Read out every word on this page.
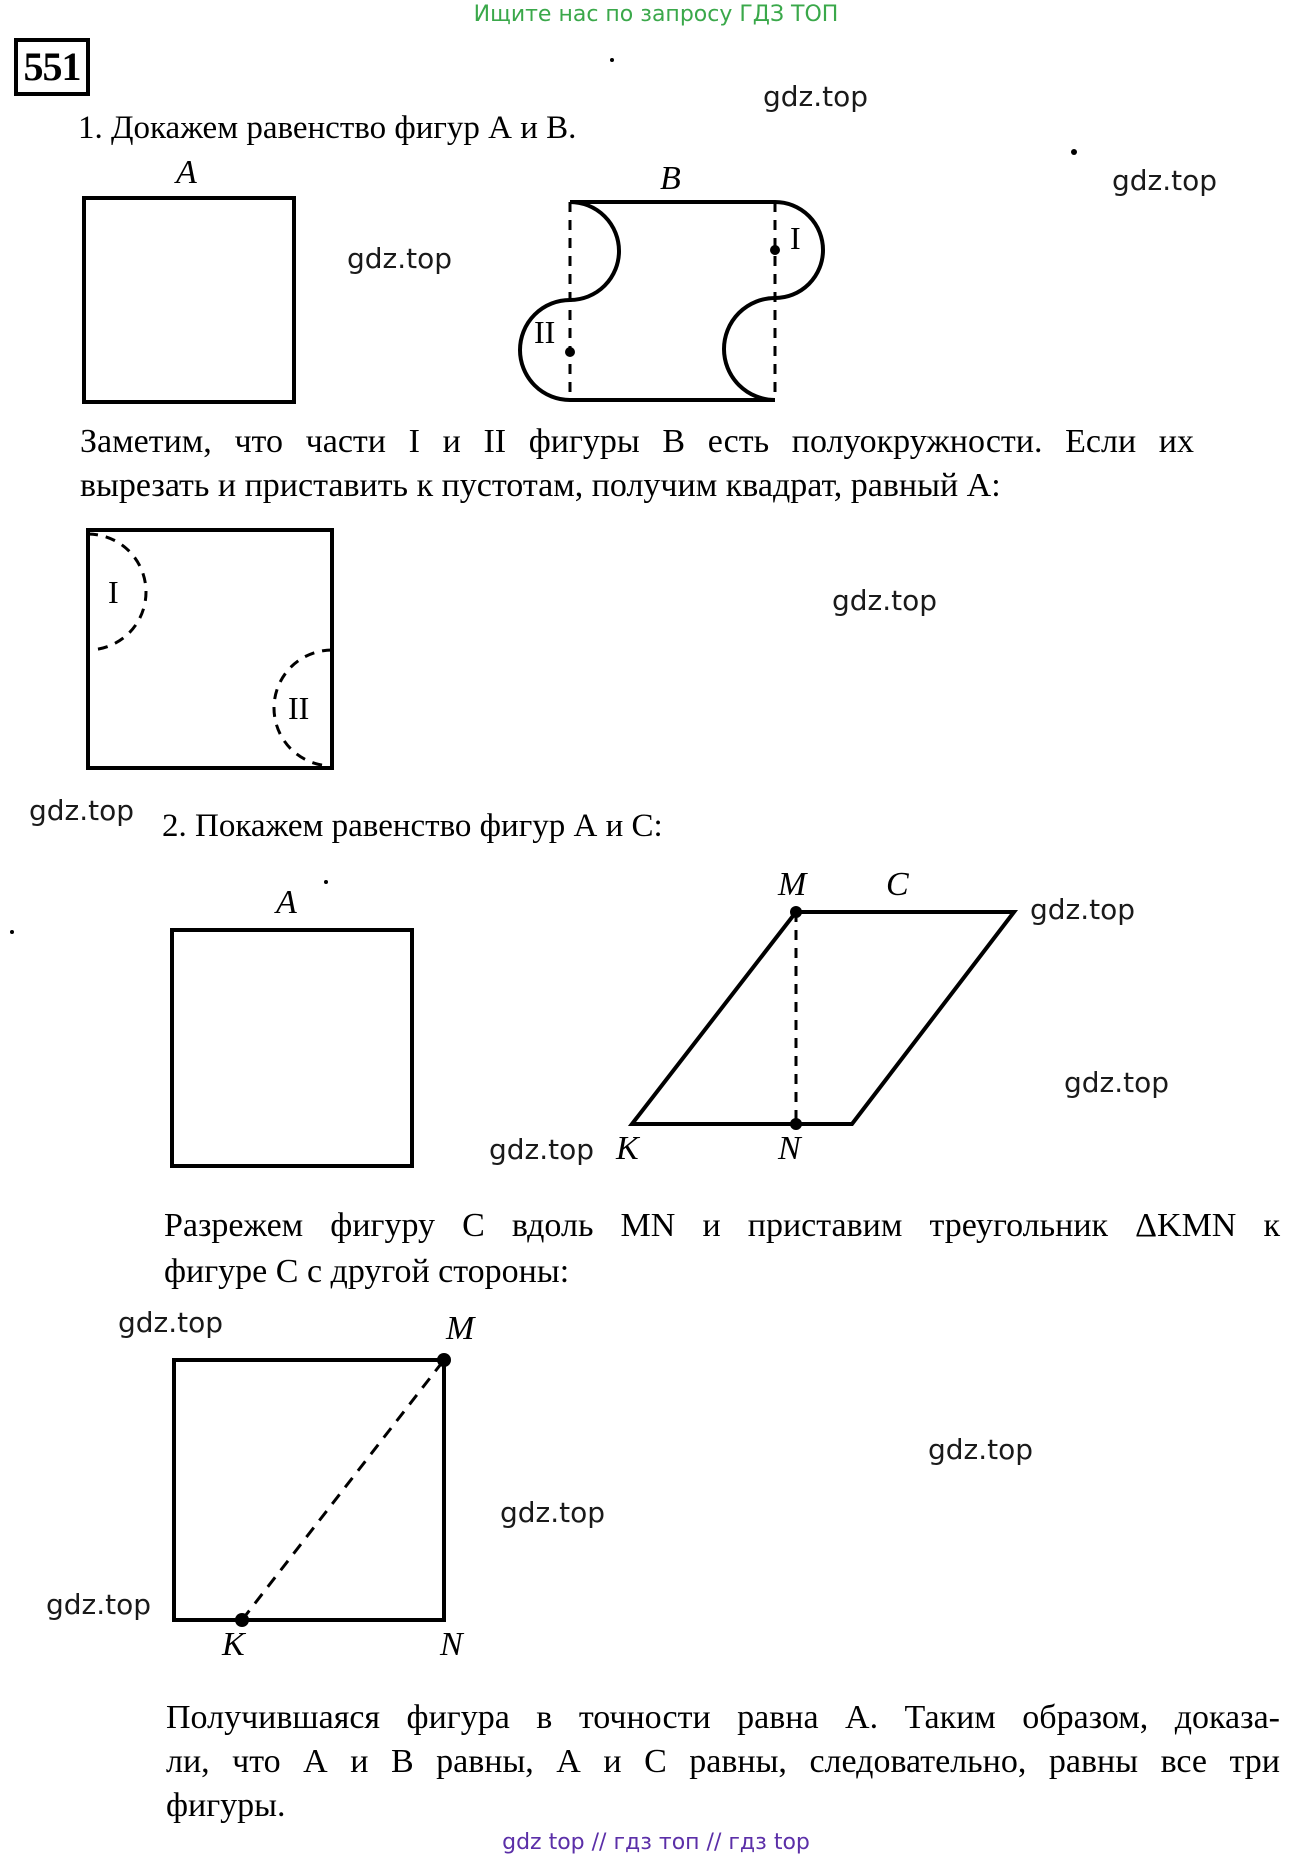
Ищите нас по запросу ГДЗ ТОП
551
gdz.top
gdz.top
gdz.top
gdz.top
gdz.top
gdz.top
gdz.top
gdz.top
gdz.top
gdz.top
gdz.top
gdz.top
1. Докажем равенство фигур А и В.
A	B
I
II
Заметим, что части I и II фигуры В есть полуокружности. Если их
вырезать и приставить к пустотам, получим квадрат, равный А:
I
II
2. Покажем равенство фигур А и С:
A	M C
K	N
Разрежем фигуру С вдоль MN и приставим треугольник ΔKMN к
фигуре С с другой стороны:
M
K	N
Получившаяся фигура в точности равна А. Таким образом, доказа-
ли, что А и В равны, А и С равны, следовательно, равны все три
фигуры.
gdz top // гдз топ // гдз top
